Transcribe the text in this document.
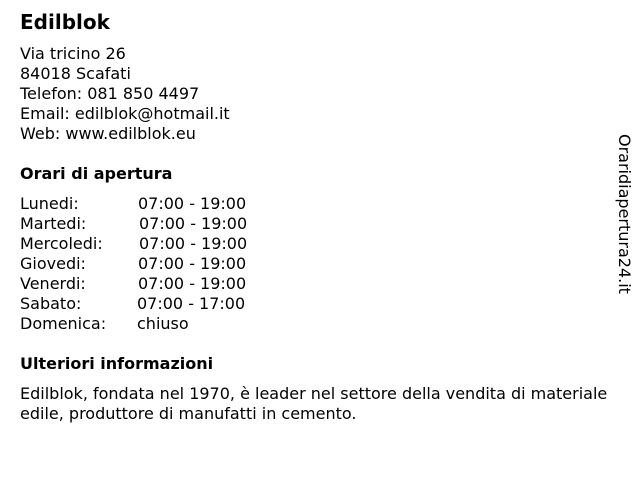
Edilblok
Via tricino 26
84018 Scafati
Telefon: 081 850 4497
Email: edilblok@hotmail.it
Web: www.edilblok.eu
Orari di apertura
Lunedi:	07:00 - 19:00
Martedi:	07:00 - 19:00
Mercoledi: 07:00 - 19:00
Giovedi:	07:00 - 19:00
Venerdi:	07:00 - 19:00
Sabato:	07:00 - 17:00
Domenica: chiuso
Ulteriori informazioni

Edilblok, fondata nel 1970, è leader nel settore della vendita di materiale edile, produttore di manufatti in cemento.

Oraridiapertura24.it
